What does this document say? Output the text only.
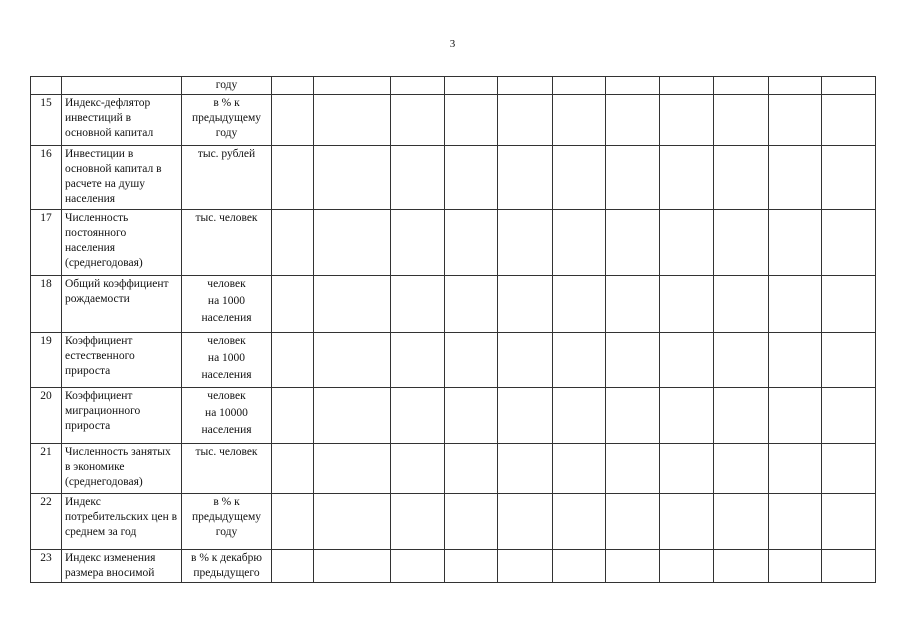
3

		году											

15	Индекс-дефлятор инвестиций в основной капитал	в % к
предыдущему
году											

16	Инвестиции в основной капитал в расчете на душу населения	тыс. рублей											

17	Численность постоянного населения (среднегодовая)	тыс. человек											

18	Общий коэффициент рождаемости	человек
на 1000
населения											

19	Коэффициент естественного прироста	человек
на 1000
населения											

20	Коэффициент миграционного прироста	человек
на 10000
населения											

21	Численность занятых в экономике (среднегодовая)	тыс. человек											

22	Индекс потребительских цен в среднем за год	в % к
предыдущему
году											

23	Индекс изменения размера вносимой	в % к декабрю
предыдущего											
